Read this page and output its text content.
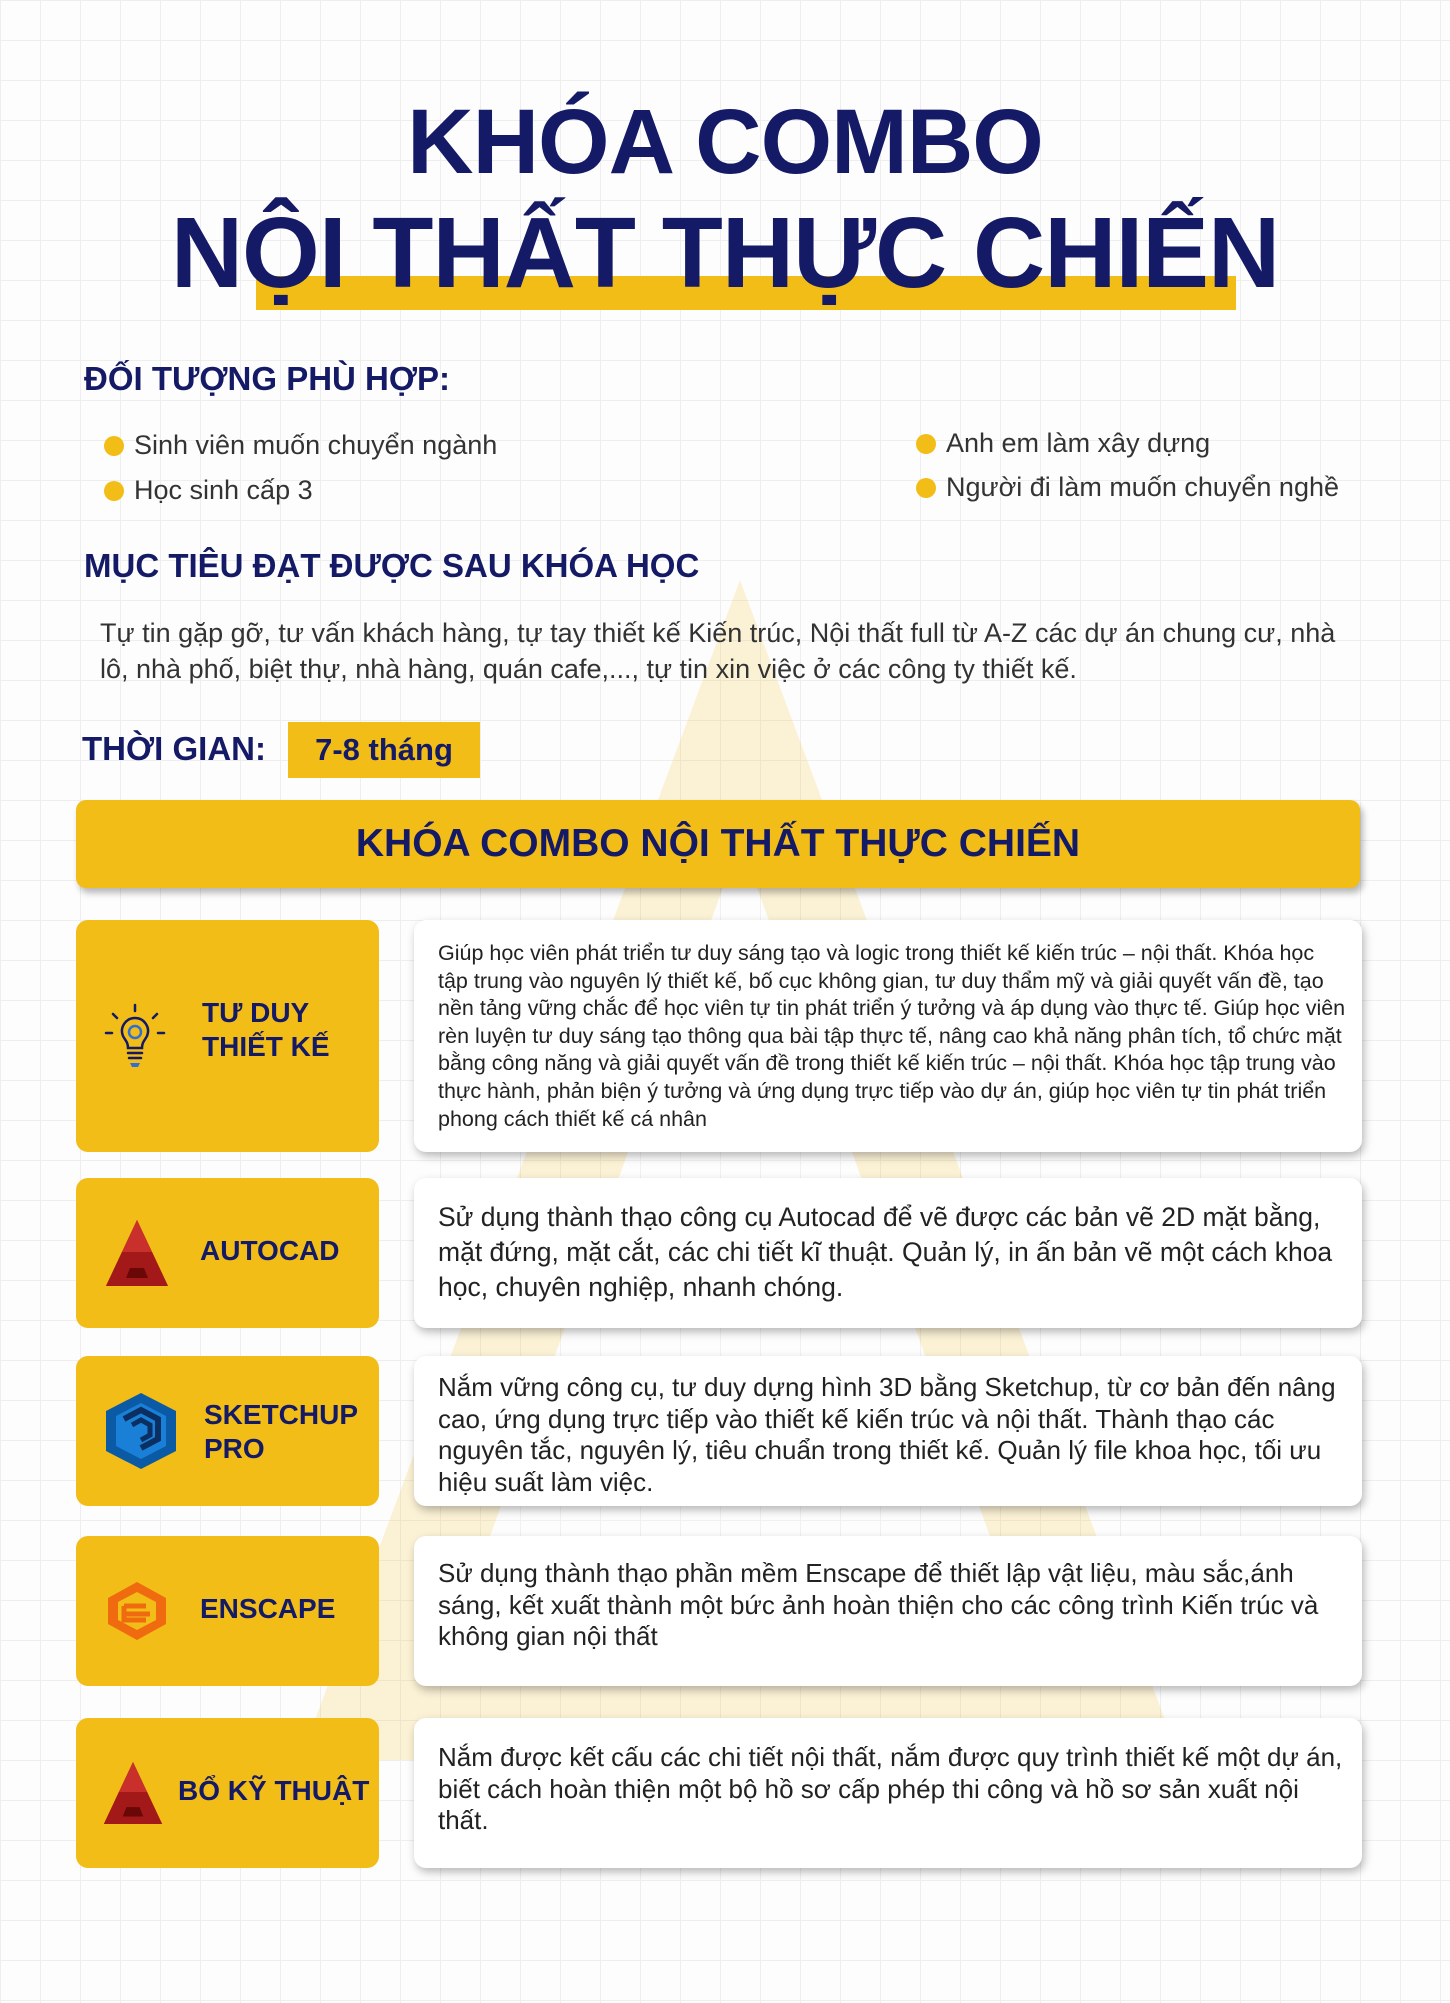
KHÓA COMBO
NỘI THẤT THỰC CHIẾN
ĐỐI TƯỢNG PHÙ HỢP:
Sinh viên muốn chuyển ngành
Học sinh cấp 3
Anh em làm xây dựng
Người đi làm muốn chuyển nghề
MỤC TIÊU ĐẠT ĐƯỢC SAU KHÓA HỌC

Tự tin gặp gỡ, tư vấn khách hàng, tự tay thiết kế Kiến trúc, Nội thất full từ A-Z các dự án chung cư, nhà lô, nhà phố, biệt thự, nhà hàng, quán cafe,..., tự tin xin việc ở các công ty thiết kế.

THỜI GIAN:	7-8 tháng
KHÓA COMBO NỘI THẤT THỰC CHIẾN
TƯ DUY
THIẾT KẾ

Giúp học viên phát triển tư duy sáng tạo và logic trong thiết kế kiến trúc – nội thất. Khóa học tập trung vào nguyên lý thiết kế, bố cục không gian, tư duy thẩm mỹ và giải quyết vấn đề, tạo nền tảng vững chắc để học viên tự tin phát triển ý tưởng và áp dụng vào thực tế. Giúp học viên rèn luyện tư duy sáng tạo thông qua bài tập thực tế, nâng cao khả năng phân tích, tổ chức mặt bằng công năng và giải quyết vấn đề trong thiết kế kiến trúc – nội thất. Khóa học tập trung vào thực hành, phản biện ý tưởng và ứng dụng trực tiếp vào dự án, giúp học viên tự tin phát triển phong cách thiết kế cá nhân

AUTOCAD

Sử dụng thành thạo công cụ Autocad để vẽ được các bản vẽ 2D mặt bằng, mặt đứng, mặt cắt, các chi tiết kĩ thuật. Quản lý, in ấn bản vẽ một cách khoa học, chuyên nghiệp, nhanh chóng.

SKETCHUP
PRO

Nắm vững công cụ, tư duy dựng hình 3D bằng Sketchup, từ cơ bản đến nâng cao, ứng dụng trực tiếp vào thiết kế kiến trúc và nội thất. Thành thạo các nguyên tắc, nguyên lý, tiêu chuẩn trong thiết kế. Quản lý file khoa học, tối ưu hiệu suất làm việc.

ENSCAPE

Sử dụng thành thạo phần mềm Enscape để thiết lập vật liệu, màu sắc,ánh sáng, kết xuất thành một bức ảnh hoàn thiện cho các công trình Kiến trúc và không gian nội thất

BỔ KỸ THUẬT

Nắm được kết cấu các chi tiết nội thất, nắm được quy trình thiết kế một dự án, biết cách hoàn thiện một bộ hồ sơ cấp phép thi công và hồ sơ sản xuất nội thất.
